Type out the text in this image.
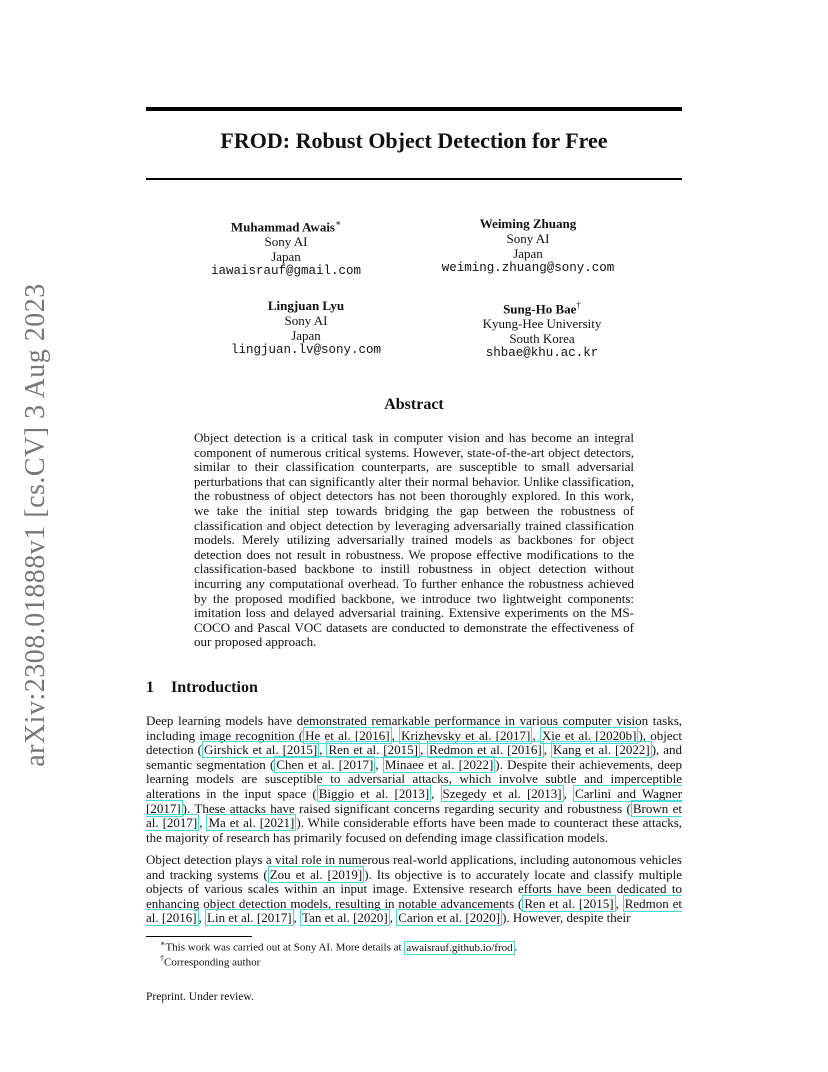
arXiv:2308.01888v1 [cs.CV] 3 Aug 2023
FROD: Robust Object Detection for Free
Muhammad Awais∗
Sony AI
Japan
iawaisrauf@gmail.com
Weiming Zhuang
Sony AI
Japan
weiming.zhuang@sony.com
Lingjuan Lyu
Sony AI
Japan
lingjuan.lv@sony.com
Sung-Ho Bae†
Kyung-Hee University
South Korea
shbae@khu.ac.kr
Abstract

Object detection is a critical task in computer vision and has become an integral component of numerous critical systems. However, state-of-the-art object detectors, similar to their classification counterparts, are susceptible to small adversarial perturbations that can significantly alter their normal behavior. Unlike classification, the robustness of object detectors has not been thoroughly explored. In this work, we take the initial step towards bridging the gap between the robustness of classification and object detection by leveraging adversarially trained classification models. Merely utilizing adversarially trained models as backbones for object detection does not result in robustness. We propose effective modifications to the classification-based backbone to instill robustness in object detection without incurring any computational overhead. To further enhance the robustness achieved by the proposed modified backbone, we introduce two lightweight components: imitation loss and delayed adversarial training. Extensive experiments on the MS-COCO and Pascal VOC datasets are conducted to demonstrate the effectiveness of our proposed approach.

1 Introduction

Deep learning models have demonstrated remarkable performance in various computer vision tasks, including image recognition ( He et al. [2016] , Krizhevsky et al. [2017] , Xie et al. [2020b] ), object detection ( Girshick et al. [2015] , Ren et al. [2015] , Redmon et al. [2016] , Kang et al. [2022] ), and semantic segmentation ( Chen et al. [2017] , Minaee et al. [2022] ). Despite their achievements, deep learning models are susceptible to adversarial attacks, which involve subtle and imperceptible alterations in the input space ( Biggio et al. [2013] , Szegedy et al. [2013] , Carlini and Wagner [2017] ). These attacks have raised significant concerns regarding security and robustness ( Brown et al. [2017] , Ma et al. [2021] ). While considerable efforts have been made to counteract these attacks, the majority of research has primarily focused on defending image classification models.

Object detection plays a vital role in numerous real-world applications, including autonomous vehicles and tracking systems ( Zou et al. [2019] ). Its objective is to accurately locate and classify multiple objects of various scales within an input image. Extensive research efforts have been dedicated to enhancing object detection models, resulting in notable advancements ( Ren et al. [2015] , Redmon et al. [2016] , Lin et al. [2017] , Tan et al. [2020] , Carion et al. [2020] ). However, despite their

∗This work was carried out at Sony AI. More details at awaisrauf.github.io/frod .

†Corresponding author

Preprint. Under review.
